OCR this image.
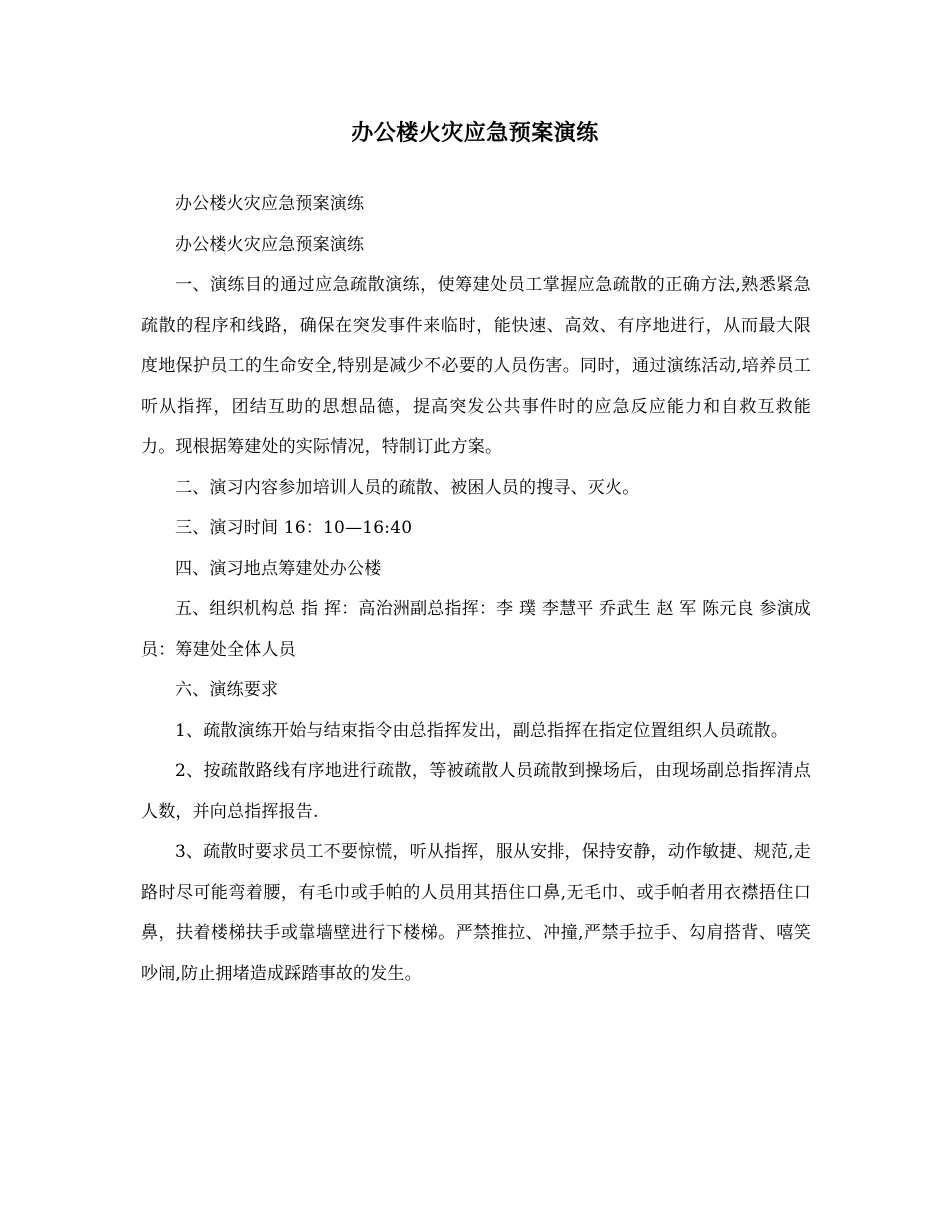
办公楼火灾应急预案演练

办公楼火灾应急预案演练

办公楼火灾应急预案演练

一、演练目的通过应急疏散演练，使筹建处员工掌握应急疏散的正确方法,熟悉紧急疏散的程序和线路，确保在突发事件来临时，能快速、高效、有序地进行，从而最大限度地保护员工的生命安全,特别是减少不必要的人员伤害。同时，通过演练活动,培养员工听从指挥，团结互助的思想品德，提高突发公共事件时的应急反应能力和自救互救能力。现根据筹建处的实际情况，特制订此方案。

二、演习内容参加培训人员的疏散、被困人员的搜寻、灭火。

三、演习时间 16：10—16:40

四、演习地点筹建处办公楼

五、组织机构总 指 挥：高治洲副总指挥：李 璞 李慧平 乔武生 赵 军 陈元良 参演成员：筹建处全体人员

六、演练要求

1、疏散演练开始与结束指令由总指挥发出，副总指挥在指定位置组织人员疏散。

2、按疏散路线有序地进行疏散，等被疏散人员疏散到操场后，由现场副总指挥清点人数，并向总指挥报告.

3、疏散时要求员工不要惊慌，听从指挥，服从安排，保持安静，动作敏捷、规范,走路时尽可能弯着腰，有毛巾或手帕的人员用其捂住口鼻,无毛巾、或手帕者用衣襟捂住口鼻，扶着楼梯扶手或靠墙壁进行下楼梯。严禁推拉、冲撞,严禁手拉手、勾肩搭背、嘻笑吵闹,防止拥堵造成踩踏事故的发生。
